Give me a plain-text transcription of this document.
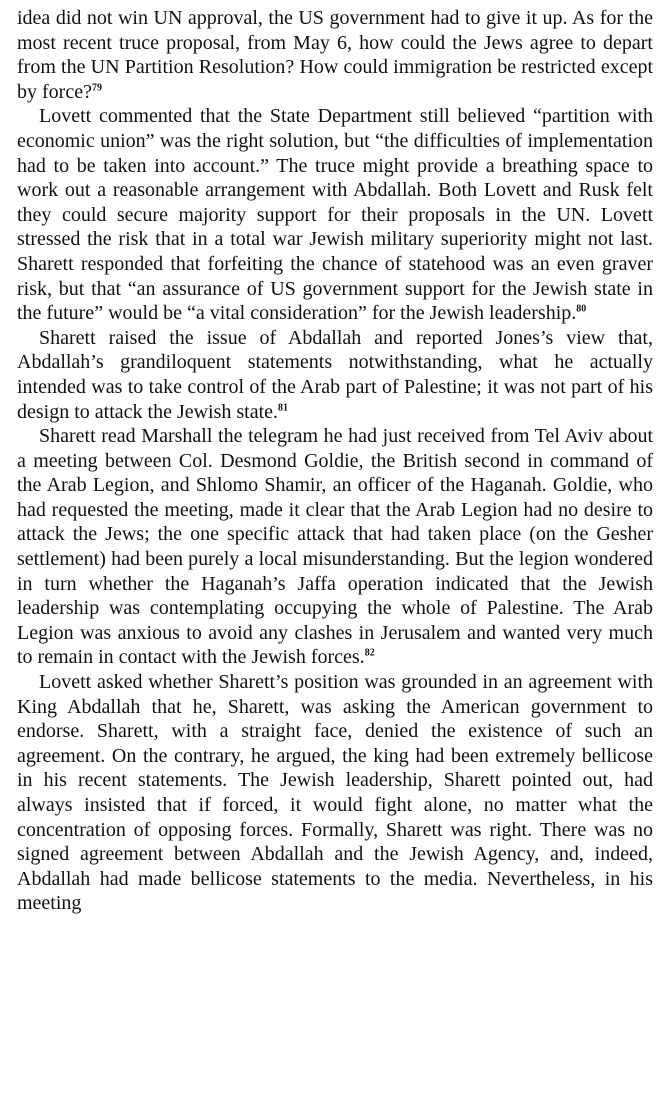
idea did not win UN approval, the US government had to give it up. As for the most recent truce proposal, from May 6, how could the Jews agree to depart from the UN Partition Resolution? How could immigration be restricted except by force?$^{79}$

Lovett commented that the State Department still believed “partition with economic union” was the right solution, but “the difficulties of implementation had to be taken into account.” The truce might provide a breathing space to work out a reasonable arrangement with Abdallah. Both Lovett and Rusk felt they could secure majority support for their proposals in the UN. Lovett stressed the risk that in a total war Jewish military superiority might not last. Sharett responded that forfeiting the chance of statehood was an even graver risk, but that “an assurance of US government support for the Jewish state in the future” would be “a vital consideration” for the Jewish leadership.$^{80}$

Sharett raised the issue of Abdallah and reported Jones’s view that, Abdallah’s grandiloquent statements notwithstanding, what he actually intended was to take control of the Arab part of Palestine; it was not part of his design to attack the Jewish state.$^{81}$

Sharett read Marshall the telegram he had just received from Tel Aviv about a meeting between Col. Desmond Goldie, the British second in command of the Arab Legion, and Shlomo Shamir, an officer of the Haganah. Goldie, who had requested the meeting, made it clear that the Arab Legion had no desire to attack the Jews; the one specific attack that had taken place (on the Gesher settlement) had been purely a local misunderstanding. But the legion wondered in turn whether the Haganah’s Jaffa operation indicated that the Jewish leadership was contemplating occupying the whole of Palestine. The Arab Legion was anxious to avoid any clashes in Jerusalem and wanted very much to remain in contact with the Jewish forces.$^{82}$

Lovett asked whether Sharett’s position was grounded in an agreement with King Abdallah that he, Sharett, was asking the American government to endorse. Sharett, with a straight face, denied the existence of such an agreement. On the contrary, he argued, the king had been extremely bellicose in his recent statements. The Jewish leadership, Sharett pointed out, had always insisted that if forced, it would fight alone, no matter what the concentration of opposing forces. Formally, Sharett was right. There was no signed agreement between Abdallah and the Jewish Agency, and, indeed, Abdallah had made bellicose statements to the media. Nevertheless, in his meeting
